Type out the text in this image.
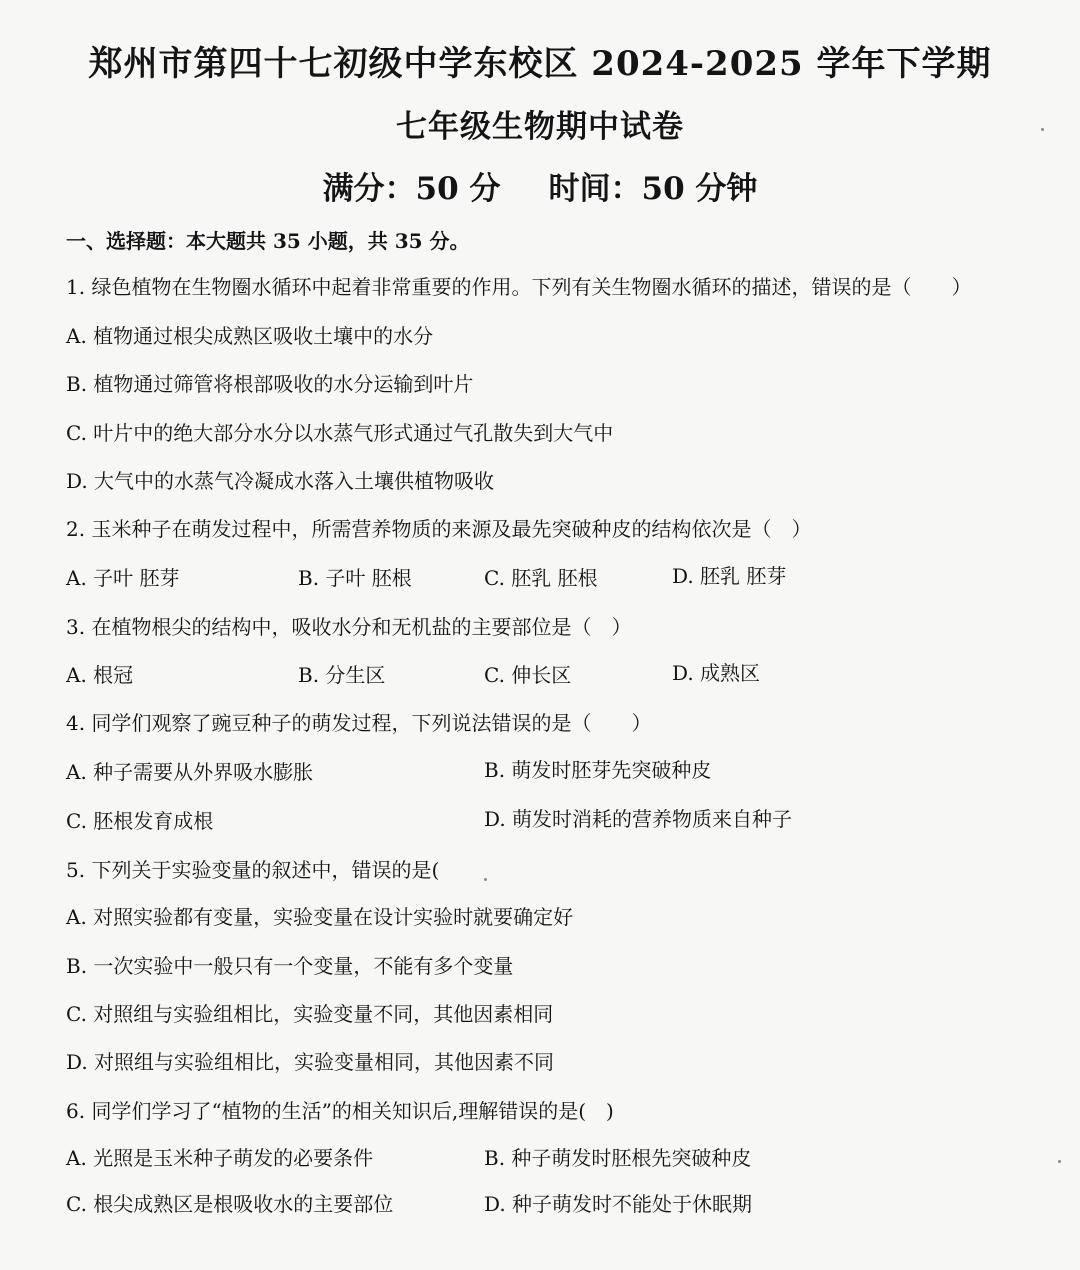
郑州市第四十七初级中学东校区 2024-2025 学年下学期
七年级生物期中试卷
满分：50 分 时间：50 分钟
一、选择题：本大题共 35 小题，共 35 分。
1. 绿色植物在生物圈水循环中起着非常重要的作用。下列有关生物圈水循环的描述，错误的是（　　）
A. 植物通过根尖成熟区吸收土壤中的水分
B. 植物通过筛管将根部吸收的水分运输到叶片
C. 叶片中的绝大部分水分以水蒸气形式通过气孔散失到大气中
D. 大气中的水蒸气冷凝成水落入土壤供植物吸收
2. 玉米种子在萌发过程中，所需营养物质的来源及最先突破种皮的结构依次是（　）
A. 子叶 胚芽	B. 子叶 胚根	C. 胚乳 胚根	D. 胚乳 胚芽
3. 在植物根尖的结构中，吸收水分和无机盐的主要部位是（　）
A. 根冠	B. 分生区	C. 伸长区	D. 成熟区
4. 同学们观察了豌豆种子的萌发过程，下列说法错误的是（　　）
A. 种子需要从外界吸水膨胀	B. 萌发时胚芽先突破种皮
C. 胚根发育成根	D. 萌发时消耗的营养物质来自种子
5. 下列关于实验变量的叙述中，错误的是(
A. 对照实验都有变量，实验变量在设计实验时就要确定好
B. 一次实验中一般只有一个变量，不能有多个变量
C. 对照组与实验组相比，实验变量不同，其他因素相同
D. 对照组与实验组相比，实验变量相同，其他因素不同
6. 同学们学习了“植物的生活”的相关知识后,理解错误的是(　)
A. 光照是玉米种子萌发的必要条件	B. 种子萌发时胚根先突破种皮
C. 根尖成熟区是根吸收水的主要部位	D. 种子萌发时不能处于休眠期
